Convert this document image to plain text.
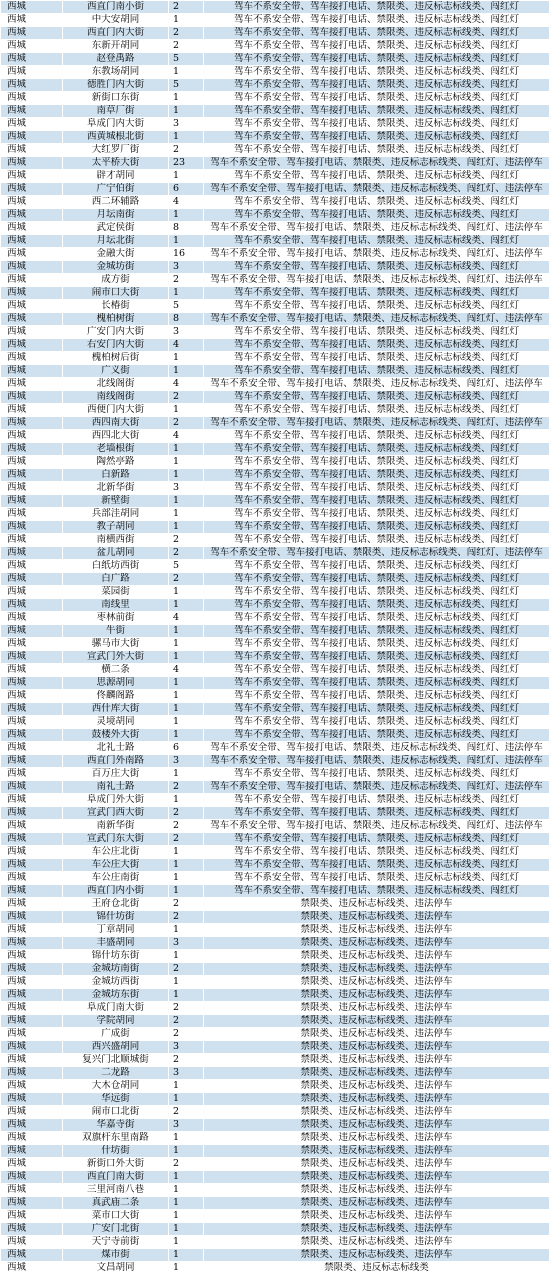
西城	西直门南小街	2	驾车不系安全带、驾车接打电话、禁限类、违反标志标线类、闯红灯
西城	中大安胡同	1	驾车不系安全带、驾车接打电话、禁限类、违反标志标线类、闯红灯
西城	西直门内大街	2	驾车不系安全带、驾车接打电话、禁限类、违反标志标线类、闯红灯
西城	东新开胡同	2	驾车不系安全带、驾车接打电话、禁限类、违反标志标线类、闯红灯
西城	赵登禹路	5	驾车不系安全带、驾车接打电话、禁限类、违反标志标线类、闯红灯
西城	东教场胡同	1	驾车不系安全带、驾车接打电话、禁限类、违反标志标线类、闯红灯
西城	德胜门内大街	5	驾车不系安全带、驾车接打电话、禁限类、违反标志标线类、闯红灯
西城	新街口东街	1	驾车不系安全带、驾车接打电话、禁限类、违反标志标线类、闯红灯
西城	南草厂街	1	驾车不系安全带、驾车接打电话、禁限类、违反标志标线类、闯红灯
西城	阜成门内大街	3	驾车不系安全带、驾车接打电话、禁限类、违反标志标线类、闯红灯
西城	西黄城根北街	1	驾车不系安全带、驾车接打电话、禁限类、违反标志标线类、闯红灯
西城	大红罗厂街	2	驾车不系安全带、驾车接打电话、禁限类、违反标志标线类、闯红灯
西城	太平桥大街	23	驾车不系安全带、驾车接打电话、禁限类、违反标志标线类、闯红灯、违法停车
西城	辟才胡同	1	驾车不系安全带、驾车接打电话、禁限类、违反标志标线类、闯红灯
西城	广宁伯街	6	驾车不系安全带、驾车接打电话、禁限类、违反标志标线类、闯红灯、违法停车
西城	西二环辅路	4	驾车不系安全带、驾车接打电话、禁限类、违反标志标线类、闯红灯
西城	月坛南街	1	驾车不系安全带、驾车接打电话、禁限类、违反标志标线类、闯红灯
西城	武定侯街	8	驾车不系安全带、驾车接打电话、禁限类、违反标志标线类、闯红灯、违法停车
西城	月坛北街	1	驾车不系安全带、驾车接打电话、禁限类、违反标志标线类、闯红灯
西城	金融大街	16	驾车不系安全带、驾车接打电话、禁限类、违反标志标线类、闯红灯、违法停车
西城	金城坊街	3	驾车不系安全带、驾车接打电话、禁限类、违反标志标线类、闯红灯
西城	成方街	2	驾车不系安全带、驾车接打电话、禁限类、违反标志标线类、闯红灯、违法停车
西城	闹市口大街	1	驾车不系安全带、驾车接打电话、禁限类、违反标志标线类、闯红灯
西城	长椿街	5	驾车不系安全带、驾车接打电话、禁限类、违反标志标线类、闯红灯
西城	槐柏树街	8	驾车不系安全带、驾车接打电话、禁限类、违反标志标线类、闯红灯、违法停车
西城	广安门内大街	3	驾车不系安全带、驾车接打电话、禁限类、违反标志标线类、闯红灯
西城	右安门内大街	4	驾车不系安全带、驾车接打电话、禁限类、违反标志标线类、闯红灯
西城	槐柏树后街	1	驾车不系安全带、驾车接打电话、禁限类、违反标志标线类、闯红灯
西城	广义街	1	驾车不系安全带、驾车接打电话、禁限类、违反标志标线类、闯红灯
西城	北线阁街	4	驾车不系安全带、驾车接打电话、禁限类、违反标志标线类、闯红灯、违法停车
西城	南线阁街	2	驾车不系安全带、驾车接打电话、禁限类、违反标志标线类、闯红灯
西城	西便门内大街	1	驾车不系安全带、驾车接打电话、禁限类、违反标志标线类、闯红灯
西城	西四南大街	2	驾车不系安全带、驾车接打电话、禁限类、违反标志标线类、闯红灯、违法停车
西城	西四北大街	4	驾车不系安全带、驾车接打电话、禁限类、违反标志标线类、闯红灯
西城	老墙根街	1	驾车不系安全带、驾车接打电话、禁限类、违反标志标线类、闯红灯
西城	陶然亭路	1	驾车不系安全带、驾车接打电话、禁限类、违反标志标线类、闯红灯
西城	白新路	1	驾车不系安全带、驾车接打电话、禁限类、违反标志标线类、闯红灯
西城	北新华街	3	驾车不系安全带、驾车接打电话、禁限类、违反标志标线类、闯红灯
西城	新壁街	1	驾车不系安全带、驾车接打电话、禁限类、违反标志标线类、闯红灯
西城	兵部洼胡同	1	驾车不系安全带、驾车接打电话、禁限类、违反标志标线类、闯红灯
西城	教子胡同	1	驾车不系安全带、驾车接打电话、禁限类、违反标志标线类、闯红灯
西城	南横西街	2	驾车不系安全带、驾车接打电话、禁限类、违反标志标线类、闯红灯
西城	盆儿胡同	2	驾车不系安全带、驾车接打电话、禁限类、违反标志标线类、闯红灯、违法停车
西城	白纸坊西街	5	驾车不系安全带、驾车接打电话、禁限类、违反标志标线类、闯红灯
西城	白广路	2	驾车不系安全带、驾车接打电话、禁限类、违反标志标线类、闯红灯
西城	菜园街	1	驾车不系安全带、驾车接打电话、禁限类、违反标志标线类、闯红灯
西城	南线里	1	驾车不系安全带、驾车接打电话、禁限类、违反标志标线类、闯红灯
西城	枣林前街	4	驾车不系安全带、驾车接打电话、禁限类、违反标志标线类、闯红灯
西城	牛街	1	驾车不系安全带、驾车接打电话、禁限类、违反标志标线类、闯红灯
西城	骡马市大街	1	驾车不系安全带、驾车接打电话、禁限类、违反标志标线类、闯红灯
西城	宣武门外大街	1	驾车不系安全带、驾车接打电话、禁限类、违反标志标线类、闯红灯
西城	横二条	4	驾车不系安全带、驾车接打电话、禁限类、违反标志标线类、闯红灯
西城	思源胡同	1	驾车不系安全带、驾车接打电话、禁限类、违反标志标线类、闯红灯
西城	佟麟阁路	1	驾车不系安全带、驾车接打电话、禁限类、违反标志标线类、闯红灯
西城	西什库大街	1	驾车不系安全带、驾车接打电话、禁限类、违反标志标线类、闯红灯
西城	灵境胡同	1	驾车不系安全带、驾车接打电话、禁限类、违反标志标线类、闯红灯
西城	鼓楼外大街	1	驾车不系安全带、驾车接打电话、禁限类、违反标志标线类、闯红灯
西城	北礼士路	6	驾车不系安全带、驾车接打电话、禁限类、违反标志标线类、闯红灯、违法停车
西城	西直门外南路	3	驾车不系安全带、驾车接打电话、禁限类、违反标志标线类、闯红灯、违法停车
西城	百万庄大街	1	驾车不系安全带、驾车接打电话、禁限类、违反标志标线类、闯红灯
西城	南礼士路	2	驾车不系安全带、驾车接打电话、禁限类、违反标志标线类、闯红灯、违法停车
西城	阜成门外大街	1	驾车不系安全带、驾车接打电话、禁限类、违反标志标线类、闯红灯
西城	宣武门西大街	2	驾车不系安全带、驾车接打电话、禁限类、违反标志标线类、闯红灯
西城	南新华街	2	驾车不系安全带、驾车接打电话、禁限类、违反标志标线类、闯红灯、违法停车
西城	宣武门东大街	2	驾车不系安全带、驾车接打电话、禁限类、违反标志标线类、闯红灯
西城	车公庄北街	1	驾车不系安全带、驾车接打电话、禁限类、违反标志标线类、闯红灯
西城	车公庄大街	1	驾车不系安全带、驾车接打电话、禁限类、违反标志标线类、闯红灯
西城	车公庄南街	1	驾车不系安全带、驾车接打电话、禁限类、违反标志标线类、闯红灯
西城	西直门内小街	1	驾车不系安全带、驾车接打电话、禁限类、违反标志标线类、闯红灯
西城	王府仓北街	2	禁限类、违反标志标线类、违法停车
西城	锦什坊街	2	禁限类、违反标志标线类、违法停车
西城	丁章胡同	1	禁限类、违反标志标线类、违法停车
西城	丰盛胡同	3	禁限类、违反标志标线类、违法停车
西城	锦什坊东街	1	禁限类、违反标志标线类、违法停车
西城	金城坊南街	2	禁限类、违反标志标线类、违法停车
西城	金城坊西街	1	禁限类、违反标志标线类、违法停车
西城	金城坊东街	1	禁限类、违反标志标线类、违法停车
西城	阜成门南大街	2	禁限类、违反标志标线类、违法停车
西城	学院胡同	2	禁限类、违反标志标线类、违法停车
西城	广成街	2	禁限类、违反标志标线类、违法停车
西城	西兴盛胡同	3	禁限类、违反标志标线类、违法停车
西城	复兴门北顺城街	2	禁限类、违反标志标线类、违法停车
西城	二龙路	3	禁限类、违反标志标线类、违法停车
西城	大木仓胡同	1	禁限类、违反标志标线类、违法停车
西城	华远街	1	禁限类、违反标志标线类、违法停车
西城	闹市口北街	2	禁限类、违反标志标线类、违法停车
西城	华嘉寺街	3	禁限类、违反标志标线类、违法停车
西城	双旗杆东里南路	1	禁限类、违反标志标线类、违法停车
西城	什坊街	1	禁限类、违反标志标线类、违法停车
西城	新街口外大街	2	禁限类、违反标志标线类、违法停车
西城	西直门南大街	1	禁限类、违反标志标线类、违法停车
西城	三里河南八巷	1	禁限类、违反标志标线类、违法停车
西城	真武庙二条	1	禁限类、违反标志标线类、违法停车
西城	菜市口大街	1	禁限类、违反标志标线类、违法停车
西城	广安门北街	1	禁限类、违反标志标线类、违法停车
西城	天宁寺前街	1	禁限类、违反标志标线类、违法停车
西城	煤市街	1	禁限类、违反标志标线类、违法停车
西城	文昌胡同	1	禁限类、违反标志标线类
